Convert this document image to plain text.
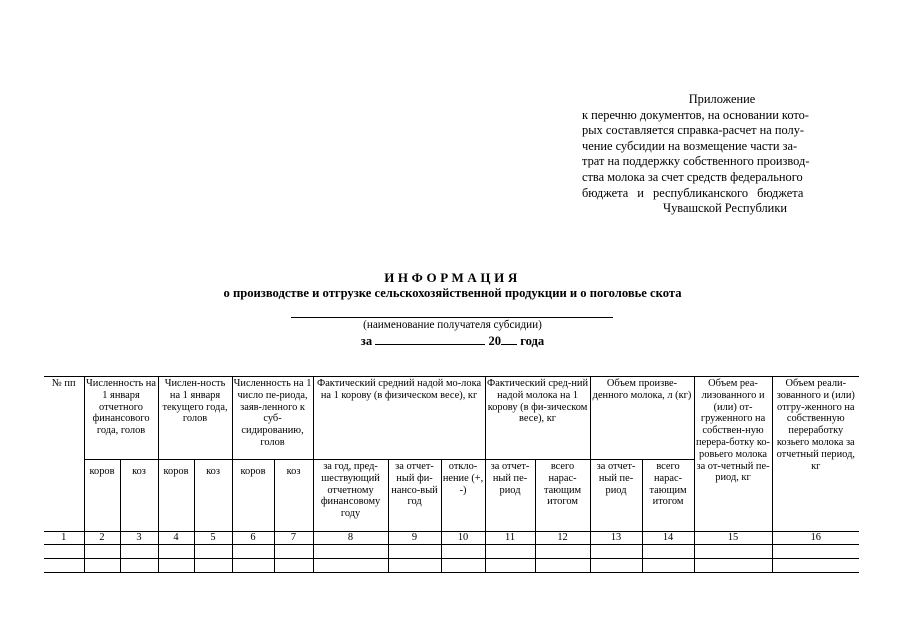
Приложение
к перечню документов, на основании кото-
рых составляется справка-расчет на полу-
чение субсидии на возмещение части за-
трат на поддержку собственного производ-
ства молока за счет средств федерального
бюджета и республиканского бюджета
Чувашской Республики
ИНФОРМАЦИЯ
о производстве и отгрузке сельскохозяйственной продукции и о поголовье скота
(наименование получателя субсидии)
за	20 года
№ пп	Численность на 1 января отчетного финансового года, голов		Числен-ность на 1 января текущего года, голов		Численность на 1 число пе-риода, заяв-ленного к суб-сидированию, голов		Фактический средний надой мо-лока на 1 корову (в физическом весе), кг			Фактический сред-ний надой молока на 1 корову (в фи-зическом весе), кг		Объем произве-денного молока, л (кг)		Объем реа-лизованного и (или) от-груженного на собствен-ную перера-ботку ко-ровьего молока за от-четный пе-риод, кг	Объем реали-зованного и (или) отгру-женного на собственную переработку козьего молока за отчетный период, кг
	коров	коз	коров	коз	коров	коз	за год, пред-шествующий отчетному финансовому году	за отчет-ный фи-нансо-вый год	откло-нение (+, -)	за отчет-ный пе-риод	всего нарас-тающим итогом	за отчет-ный пе-риод	всего нарас-тающим итогом		
1	2	3	4	5	6	7	8	9	10	11	12	13	14	15	16
